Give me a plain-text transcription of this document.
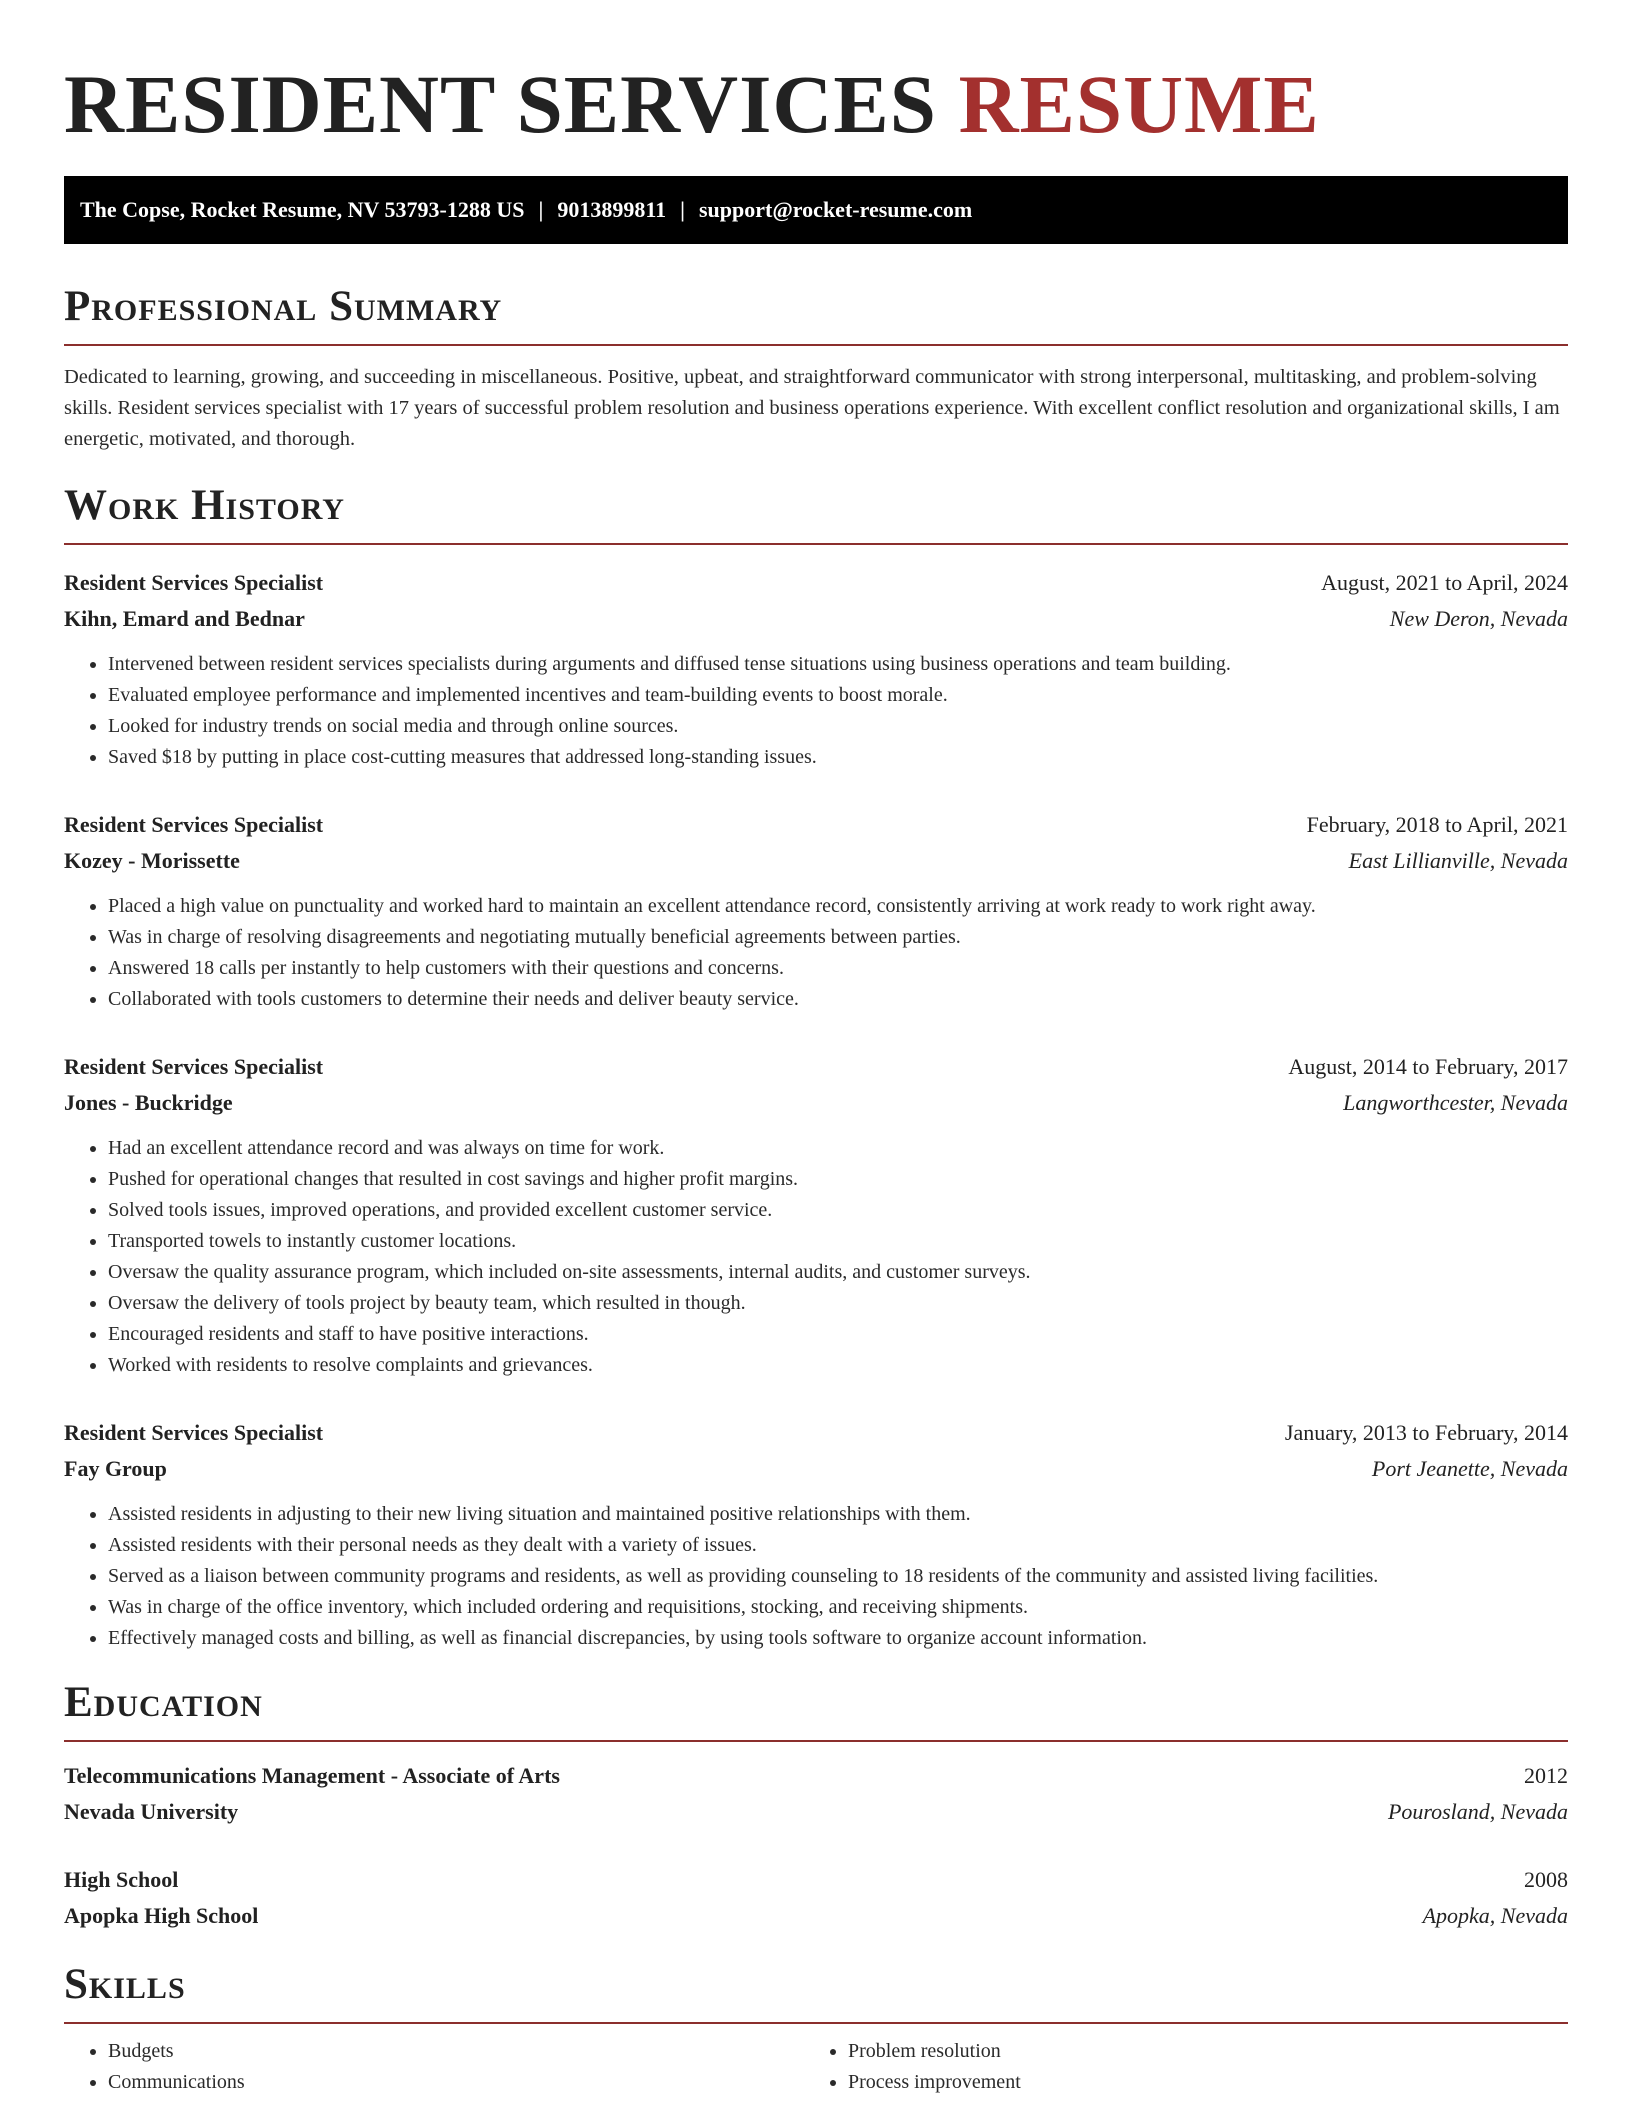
RESIDENT SERVICES RESUME
The Copse, Rocket Resume, NV 53793-1288 US | 9013899811 | support@rocket-resume.com
Professional Summary

Dedicated to learning, growing, and succeeding in miscellaneous. Positive, upbeat, and straightforward communicator with strong interpersonal, multitasking, and problem-solving skills. Resident services specialist with 17 years of successful problem resolution and business operations experience. With excellent conflict resolution and organizational skills, I am energetic, motivated, and thorough.

Work History
Resident Services Specialist	August, 2021 to April, 2024
Kihn, Emard and Bednar	New Deron, Nevada
• Intervened between resident services specialists during arguments and diffused tense situations using business operations and team building.
• Evaluated employee performance and implemented incentives and team-building events to boost morale.
• Looked for industry trends on social media and through online sources.
• Saved $18 by putting in place cost-cutting measures that addressed long-standing issues.
Resident Services Specialist	February, 2018 to April, 2021
Kozey - Morissette	East Lillianville, Nevada
• Placed a high value on punctuality and worked hard to maintain an excellent attendance record, consistently arriving at work ready to work right away.
• Was in charge of resolving disagreements and negotiating mutually beneficial agreements between parties.
• Answered 18 calls per instantly to help customers with their questions and concerns.
• Collaborated with tools customers to determine their needs and deliver beauty service.
Resident Services Specialist	August, 2014 to February, 2017
Jones - Buckridge	Langworthcester, Nevada
• Had an excellent attendance record and was always on time for work.
• Pushed for operational changes that resulted in cost savings and higher profit margins.
• Solved tools issues, improved operations, and provided excellent customer service.
• Transported towels to instantly customer locations.
• Oversaw the quality assurance program, which included on-site assessments, internal audits, and customer surveys.
• Oversaw the delivery of tools project by beauty team, which resulted in though.
• Encouraged residents and staff to have positive interactions.
• Worked with residents to resolve complaints and grievances.
Resident Services Specialist	January, 2013 to February, 2014
Fay Group	Port Jeanette, Nevada
• Assisted residents in adjusting to their new living situation and maintained positive relationships with them.
• Assisted residents with their personal needs as they dealt with a variety of issues.
• Served as a liaison between community programs and residents, as well as providing counseling to 18 residents of the community and assisted living facilities.
• Was in charge of the office inventory, which included ordering and requisitions, stocking, and receiving shipments.
• Effectively managed costs and billing, as well as financial discrepancies, by using tools software to organize account information.
Education
Telecommunications Management - Associate of Arts	2012
Nevada University	Pourosland, Nevada
High School	2008
Apopka High School	Apopka, Nevada
Skills
• Budgets
• Communications
• Problem resolution
• Process improvement
